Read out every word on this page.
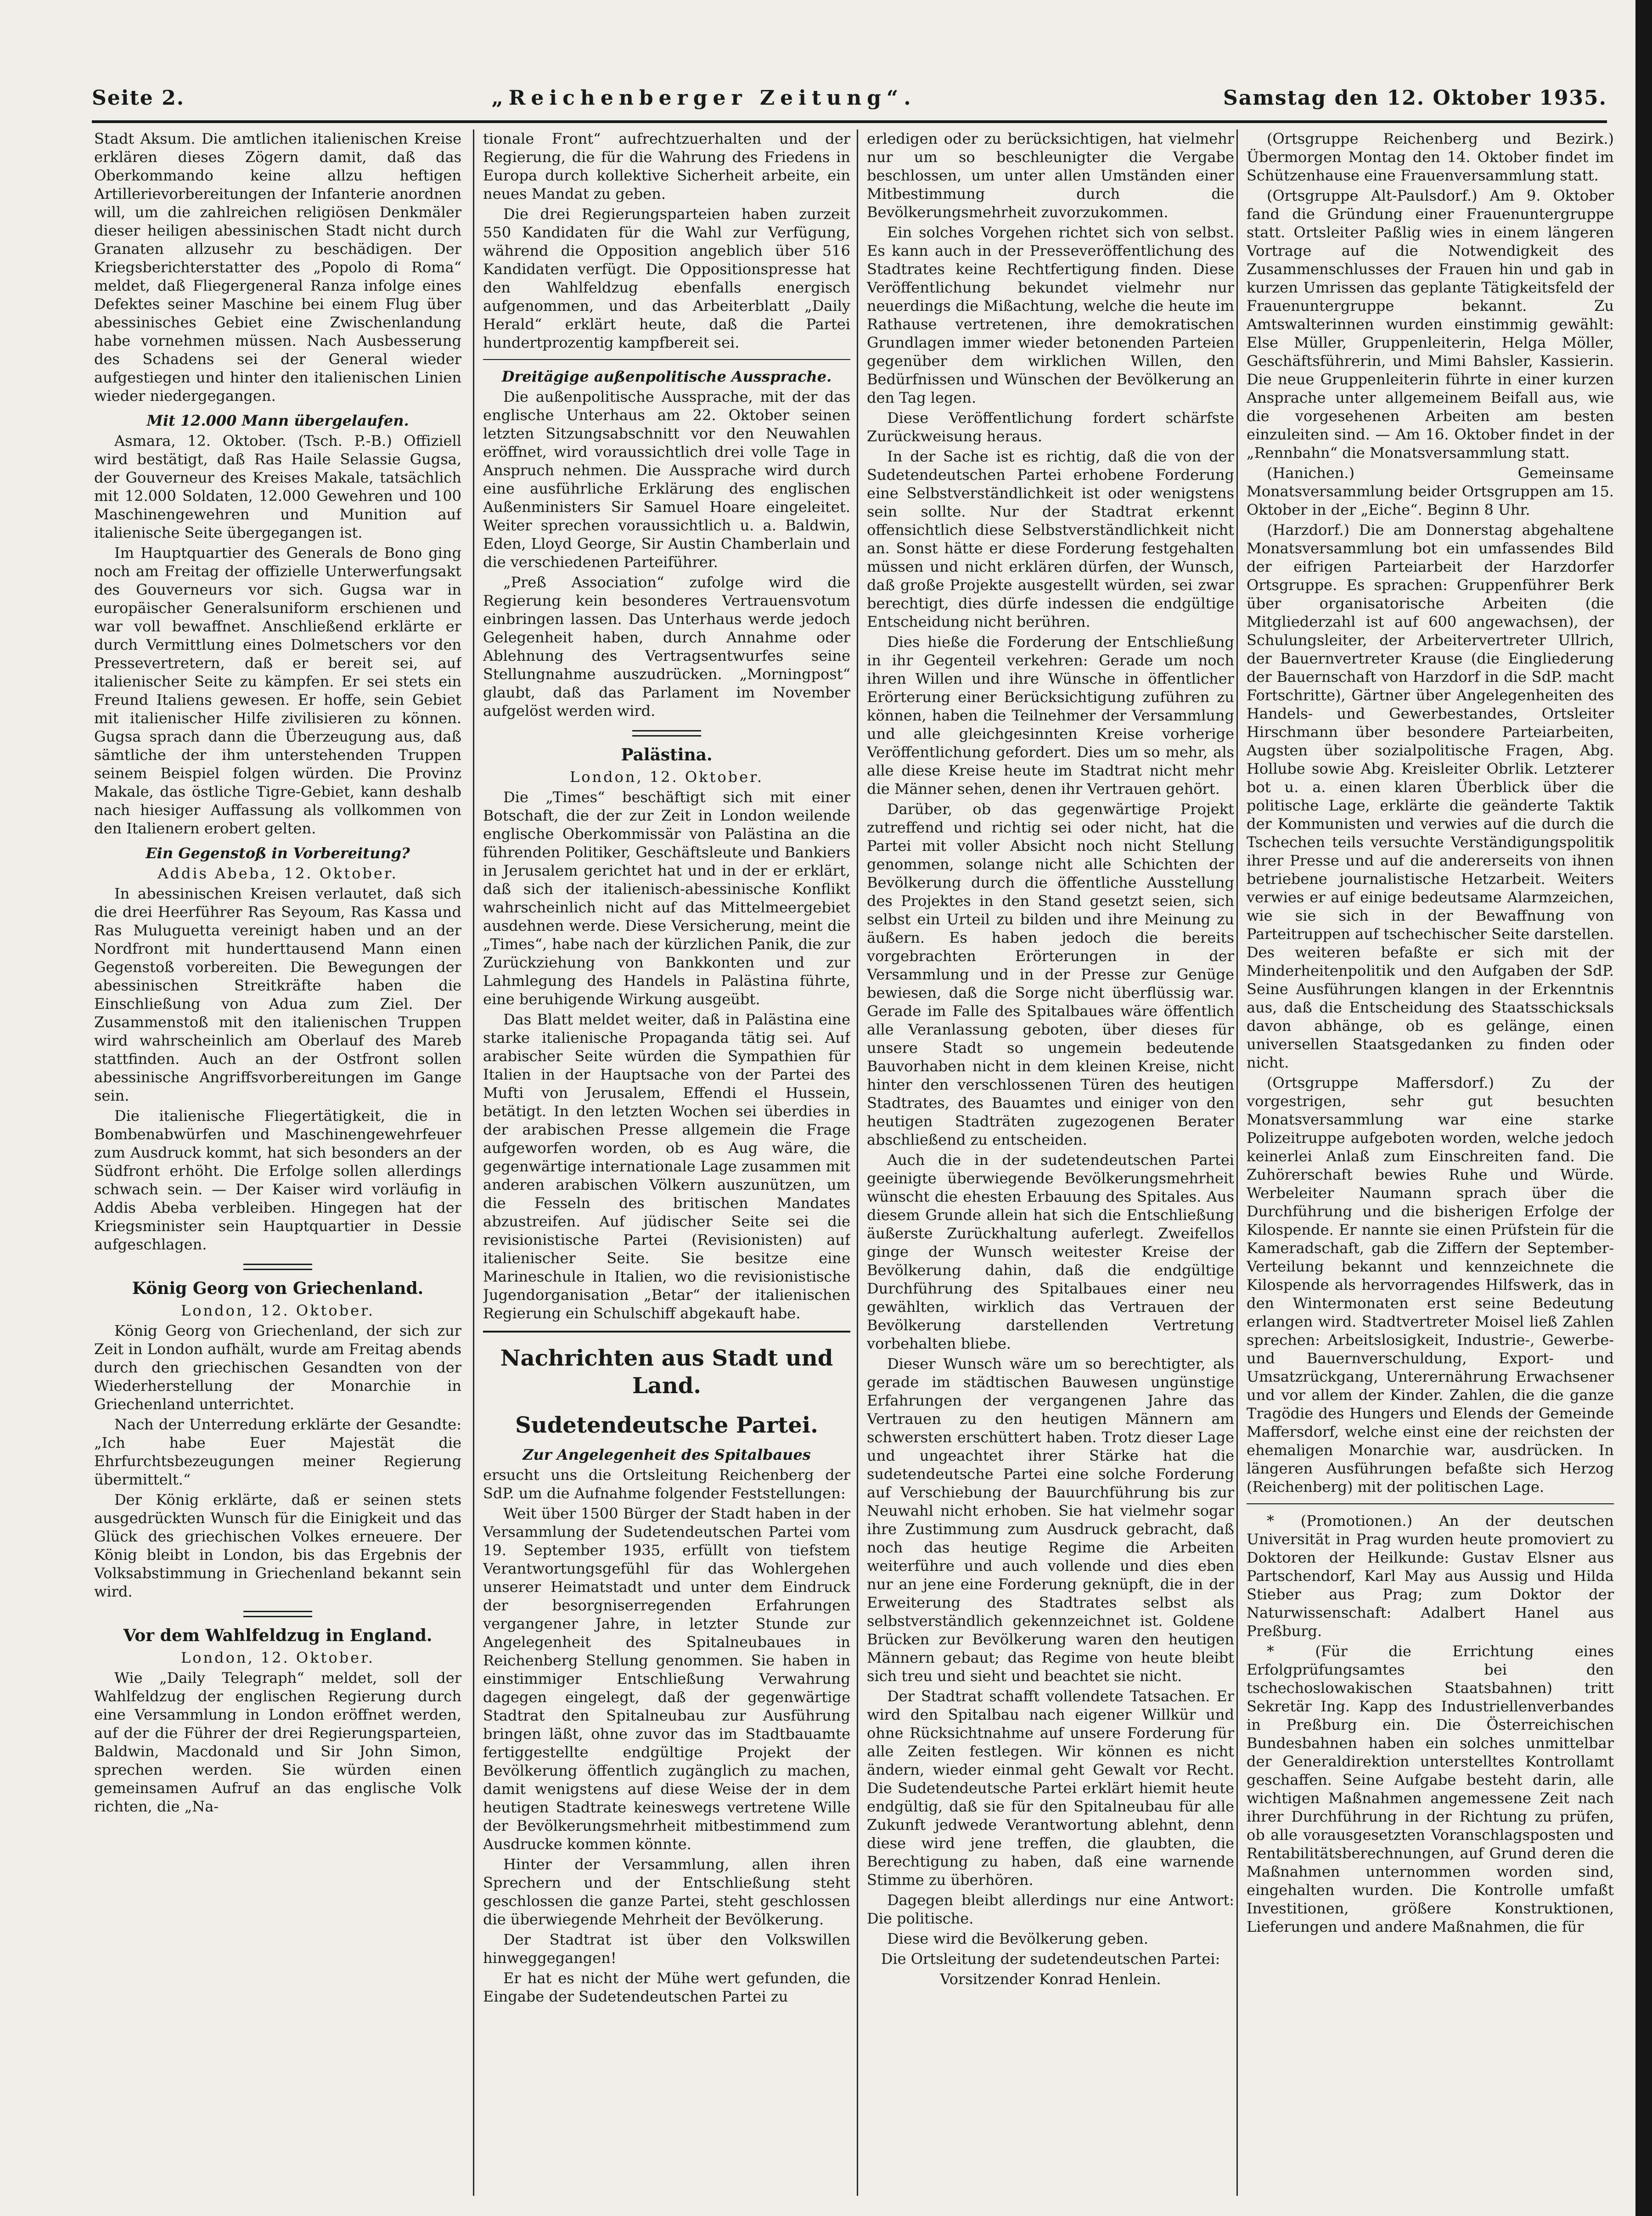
Seite 2.	„Reichenberger Zeitung“.	Samstag den 12. Oktober 1935.

Stadt Aksum. Die amtlichen italienischen Kreise erklären dieses Zögern damit, daß das Oberkommando keine allzu heftigen Artillerievorbereitungen der Infanterie anordnen will, um die zahlreichen religiösen Denkmäler dieser heiligen abessinischen Stadt nicht durch Granaten allzusehr zu beschädigen. Der Kriegsberichterstatter des „Popolo di Roma“ meldet, daß Fliegergeneral Ranza infolge eines Defektes seiner Maschine bei einem Flug über abessinisches Gebiet eine Zwischenlandung habe vornehmen müssen. Nach Ausbesserung des Schadens sei der General wieder aufgestiegen und hinter den italienischen Linien wieder niedergegangen.

Mit 12.000 Mann übergelaufen.

Asmara, 12. Oktober. (Tsch. P.-B.) Offiziell wird bestätigt, daß Ras Haile Selassie Gugsa, der Gouverneur des Kreises Makale, tatsächlich mit 12.000 Soldaten, 12.000 Gewehren und 100 Maschinengewehren und Munition auf italienische Seite übergegangen ist.

Im Hauptquartier des Generals de Bono ging noch am Freitag der offizielle Unterwerfungsakt des Gouverneurs vor sich. Gugsa war in europäischer Generalsuniform erschienen und war voll bewaffnet. Anschließend erklärte er durch Vermittlung eines Dolmetschers vor den Pressevertretern, daß er bereit sei, auf italienischer Seite zu kämpfen. Er sei stets ein Freund Italiens gewesen. Er hoffe, sein Gebiet mit italienischer Hilfe zivilisieren zu können. Gugsa sprach dann die Überzeugung aus, daß sämtliche der ihm unterstehenden Truppen seinem Beispiel folgen würden. Die Provinz Makale, das östliche Tigre-Gebiet, kann deshalb nach hiesiger Auffassung als vollkommen von den Italienern erobert gelten.

Ein Gegenstoß in Vorbereitung?
Addis Abeba, 12. Oktober.

In abessinischen Kreisen verlautet, daß sich die drei Heerführer Ras Seyoum, Ras Kassa und Ras Muluguetta vereinigt haben und an der Nordfront mit hunderttausend Mann einen Gegenstoß vorbereiten. Die Bewegungen der abessinischen Streitkräfte haben die Einschließung von Adua zum Ziel. Der Zusammenstoß mit den italienischen Truppen wird wahrscheinlich am Oberlauf des Mareb stattfinden. Auch an der Ostfront sollen abessinische Angriffsvorbereitungen im Gange sein.

Die italienische Fliegertätigkeit, die in Bombenabwürfen und Maschinengewehrfeuer zum Ausdruck kommt, hat sich besonders an der Südfront erhöht. Die Erfolge sollen allerdings schwach sein. — Der Kaiser wird vorläufig in Addis Abeba verbleiben. Hingegen hat der Kriegsminister sein Hauptquartier in Dessie aufgeschlagen.

König Georg von Griechenland.
London, 12. Oktober.

König Georg von Griechenland, der sich zur Zeit in London aufhält, wurde am Freitag abends durch den griechischen Gesandten von der Wiederherstellung der Monarchie in Griechenland unterrichtet.

Nach der Unterredung erklärte der Gesandte: „Ich habe Euer Majestät die Ehrfurchtsbezeugungen meiner Regierung übermittelt.“

Der König erklärte, daß er seinen stets ausgedrückten Wunsch für die Einigkeit und das Glück des griechischen Volkes erneuere. Der König bleibt in London, bis das Ergebnis der Volksabstimmung in Griechenland bekannt sein wird.

Vor dem Wahlfeldzug in England.
London, 12. Oktober.

Wie „Daily Telegraph“ meldet, soll der Wahlfeldzug der englischen Regierung durch eine Versammlung in London eröffnet werden, auf der die Führer der drei Regierungsparteien, Baldwin, Macdonald und Sir John Simon, sprechen werden. Sie würden einen gemeinsamen Aufruf an das englische Volk richten, die „Na-

tionale Front“ aufrechtzuerhalten und der Regierung, die für die Wahrung des Friedens in Europa durch kollektive Sicherheit arbeite, ein neues Mandat zu geben.

Die drei Regierungsparteien haben zurzeit 550 Kandidaten für die Wahl zur Verfügung, während die Opposition angeblich über 516 Kandidaten verfügt. Die Oppositionspresse hat den Wahlfeldzug ebenfalls energisch aufgenommen, und das Arbeiterblatt „Daily Herald“ erklärt heute, daß die Partei hundertprozentig kampfbereit sei.

Dreitägige außenpolitische Aussprache.

Die außenpolitische Aussprache, mit der das englische Unterhaus am 22. Oktober seinen letzten Sitzungsabschnitt vor den Neuwahlen eröffnet, wird voraussichtlich drei volle Tage in Anspruch nehmen. Die Aussprache wird durch eine ausführliche Erklärung des englischen Außenministers Sir Samuel Hoare eingeleitet. Weiter sprechen voraussichtlich u. a. Baldwin, Eden, Lloyd George, Sir Austin Chamberlain und die verschiedenen Parteiführer.

„Preß Association“ zufolge wird die Regierung kein besonderes Vertrauensvotum einbringen lassen. Das Unterhaus werde jedoch Gelegenheit haben, durch Annahme oder Ablehnung des Vertragsentwurfes seine Stellungnahme auszudrücken. „Morningpost“ glaubt, daß das Parlament im November aufgelöst werden wird.

Palästina.
London, 12. Oktober.

Die „Times“ beschäftigt sich mit einer Botschaft, die der zur Zeit in London weilende englische Oberkommissär von Palästina an die führenden Politiker, Geschäftsleute und Bankiers in Jerusalem gerichtet hat und in der er erklärt, daß sich der italienisch-abessinische Konflikt wahrscheinlich nicht auf das Mittelmeergebiet ausdehnen werde. Diese Versicherung, meint die „Times“, habe nach der kürzlichen Panik, die zur Zurückziehung von Bankkonten und zur Lahmlegung des Handels in Palästina führte, eine beruhigende Wirkung ausgeübt.

Das Blatt meldet weiter, daß in Palästina eine starke italienische Propaganda tätig sei. Auf arabischer Seite würden die Sympathien für Italien in der Hauptsache von der Partei des Mufti von Jerusalem, Effendi el Hussein, betätigt. In den letzten Wochen sei überdies in der arabischen Presse allgemein die Frage aufgeworfen worden, ob es Aug wäre, die gegenwärtige internationale Lage zusammen mit anderen arabischen Völkern auszunützen, um die Fesseln des britischen Mandates abzustreifen. Auf jüdischer Seite sei die revisionistische Partei (Revisionisten) auf italienischer Seite. Sie besitze eine Marineschule in Italien, wo die revisionistische Jugendorganisation „Betar“ der italienischen Regierung ein Schulschiff abgekauft habe.

Nachrichten aus Stadt und Land.
Sudetendeutsche Partei.
Zur Angelegenheit des Spitalbaues

ersucht uns die Ortsleitung Reichenberg der SdP. um die Aufnahme folgender Feststellungen:

Weit über 1500 Bürger der Stadt haben in der Versammlung der Sudetendeutschen Partei vom 19. September 1935, erfüllt von tiefstem Verantwortungsgefühl für das Wohlergehen unserer Heimatstadt und unter dem Eindruck der besorgniserregenden Erfahrungen vergangener Jahre, in letzter Stunde zur Angelegenheit des Spitalneubaues in Reichenberg Stellung genommen. Sie haben in einstimmiger Entschließung Verwahrung dagegen eingelegt, daß der gegenwärtige Stadtrat den Spitalneubau zur Ausführung bringen läßt, ohne zuvor das im Stadtbauamte fertiggestellte endgültige Projekt der Bevölkerung öffentlich zugänglich zu machen, damit wenigstens auf diese Weise der in dem heutigen Stadtrate keineswegs vertretene Wille der Bevölkerungsmehrheit mitbestimmend zum Ausdrucke kommen könnte.

Hinter der Versammlung, allen ihren Sprechern und der Entschließung steht geschlossen die ganze Partei, steht geschlossen die überwiegende Mehrheit der Bevölkerung.

Der Stadtrat ist über den Volkswillen hinweggegangen!

Er hat es nicht der Mühe wert gefunden, die Eingabe der Sudetendeutschen Partei zu

erledigen oder zu berücksichtigen, hat vielmehr nur um so beschleunigter die Vergabe beschlossen, um unter allen Umständen einer Mitbestimmung durch die Bevölkerungsmehrheit zuvorzukommen.

Ein solches Vorgehen richtet sich von selbst. Es kann auch in der Presseveröffentlichung des Stadtrates keine Rechtfertigung finden. Diese Veröffentlichung bekundet vielmehr nur neuerdings die Mißachtung, welche die heute im Rathause vertretenen, ihre demokratischen Grundlagen immer wieder betonenden Parteien gegenüber dem wirklichen Willen, den Bedürfnissen und Wünschen der Bevölkerung an den Tag legen.

Diese Veröffentlichung fordert schärfste Zurückweisung heraus.

In der Sache ist es richtig, daß die von der Sudetendeutschen Partei erhobene Forderung eine Selbstverständlichkeit ist oder wenigstens sein sollte. Nur der Stadtrat erkennt offensichtlich diese Selbstverständlichkeit nicht an. Sonst hätte er diese Forderung festgehalten müssen und nicht erklären dürfen, der Wunsch, daß große Projekte ausgestellt würden, sei zwar berechtigt, dies dürfe indessen die endgültige Entscheidung nicht berühren.

Dies hieße die Forderung der Entschließung in ihr Gegenteil verkehren: Gerade um noch ihren Willen und ihre Wünsche in öffentlicher Erörterung einer Berücksichtigung zuführen zu können, haben die Teilnehmer der Versammlung und alle gleichgesinnten Kreise vorherige Veröffentlichung gefordert. Dies um so mehr, als alle diese Kreise heute im Stadtrat nicht mehr die Männer sehen, denen ihr Vertrauen gehört.

Darüber, ob das gegenwärtige Projekt zutreffend und richtig sei oder nicht, hat die Partei mit voller Absicht noch nicht Stellung genommen, solange nicht alle Schichten der Bevölkerung durch die öffentliche Ausstellung des Projektes in den Stand gesetzt seien, sich selbst ein Urteil zu bilden und ihre Meinung zu äußern. Es haben jedoch die bereits vorgebrachten Erörterungen in der Versammlung und in der Presse zur Genüge bewiesen, daß die Sorge nicht überflüssig war. Gerade im Falle des Spitalbaues wäre öffentlich alle Veranlassung geboten, über dieses für unsere Stadt so ungemein bedeutende Bauvorhaben nicht in dem kleinen Kreise, nicht hinter den verschlossenen Türen des heutigen Stadtrates, des Bauamtes und einiger von den heutigen Stadträten zugezogenen Berater abschließend zu entscheiden.

Auch die in der sudetendeutschen Partei geeinigte überwiegende Bevölkerungsmehrheit wünscht die ehesten Erbauung des Spitales. Aus diesem Grunde allein hat sich die Entschließung äußerste Zurückhaltung auferlegt. Zweifellos ginge der Wunsch weitester Kreise der Bevölkerung dahin, daß die endgültige Durchführung des Spitalbaues einer neu gewählten, wirklich das Vertrauen der Bevölkerung darstellenden Vertretung vorbehalten bliebe.

Dieser Wunsch wäre um so berechtigter, als gerade im städtischen Bauwesen ungünstige Erfahrungen der vergangenen Jahre das Vertrauen zu den heutigen Männern am schwersten erschüttert haben. Trotz dieser Lage und ungeachtet ihrer Stärke hat die sudetendeutsche Partei eine solche Forderung auf Verschiebung der Bauurchführung bis zur Neuwahl nicht erhoben. Sie hat vielmehr sogar ihre Zustimmung zum Ausdruck gebracht, daß noch das heutige Regime die Arbeiten weiterführe und auch vollende und dies eben nur an jene eine Forderung geknüpft, die in der Erweiterung des Stadtrates selbst als selbstverständlich gekennzeichnet ist. Goldene Brücken zur Bevölkerung waren den heutigen Männern gebaut; das Regime von heute bleibt sich treu und sieht und beachtet sie nicht.

Der Stadtrat schafft vollendete Tatsachen. Er wird den Spitalbau nach eigener Willkür und ohne Rücksichtnahme auf unsere Forderung für alle Zeiten festlegen. Wir können es nicht ändern, wieder einmal geht Gewalt vor Recht. Die Sudetendeutsche Partei erklärt hiemit heute endgültig, daß sie für den Spitalneubau für alle Zukunft jedwede Verantwortung ablehnt, denn diese wird jene treffen, die glaubten, die Berechtigung zu haben, daß eine warnende Stimme zu überhören.

Dagegen bleibt allerdings nur eine Antwort: Die politische.

Diese wird die Bevölkerung geben.

Die Ortsleitung der sudetendeutschen Partei:

Vorsitzender Konrad Henlein.

(Ortsgruppe Reichenberg und Bezirk.) Übermorgen Montag den 14. Oktober findet im Schützenhause eine Frauenversammlung statt.

(Ortsgruppe Alt-Paulsdorf.) Am 9. Oktober fand die Gründung einer Frauenuntergruppe statt. Ortsleiter Paßlig wies in einem längeren Vortrage auf die Notwendigkeit des Zusammenschlusses der Frauen hin und gab in kurzen Umrissen das geplante Tätigkeitsfeld der Frauenuntergruppe bekannt. Zu Amtswalterinnen wurden einstimmig gewählt: Else Müller, Gruppenleiterin, Helga Möller, Geschäftsführerin, und Mimi Bahsler, Kassierin. Die neue Gruppenleiterin führte in einer kurzen Ansprache unter allgemeinem Beifall aus, wie die vorgesehenen Arbeiten am besten einzuleiten sind. — Am 16. Oktober findet in der „Rennbahn“ die Monatsversammlung statt.

(Hanichen.) Gemeinsame Monatsversammlung beider Ortsgruppen am 15. Oktober in der „Eiche“. Beginn 8 Uhr.

(Harzdorf.) Die am Donnerstag abgehaltene Monatsversammlung bot ein umfassendes Bild der eifrigen Parteiarbeit der Harzdorfer Ortsgruppe. Es sprachen: Gruppenführer Berk über organisatorische Arbeiten (die Mitgliederzahl ist auf 600 angewachsen), der Schulungsleiter, der Arbeitervertreter Ullrich, der Bauernvertreter Krause (die Eingliederung der Bauernschaft von Harzdorf in die SdP. macht Fortschritte), Gärtner über Angelegenheiten des Handels- und Gewerbestandes, Ortsleiter Hirschmann über besondere Parteiarbeiten, Augsten über sozialpolitische Fragen, Abg. Hollube sowie Abg. Kreisleiter Obrlik. Letzterer bot u. a. einen klaren Überblick über die politische Lage, erklärte die geänderte Taktik der Kommunisten und verwies auf die durch die Tschechen teils versuchte Verständigungspolitik ihrer Presse und auf die andererseits von ihnen betriebene journalistische Hetzarbeit. Weiters verwies er auf einige bedeutsame Alarmzeichen, wie sie sich in der Bewaffnung von Parteitruppen auf tschechischer Seite darstellen. Des weiteren befaßte er sich mit der Minderheitenpolitik und den Aufgaben der SdP. Seine Ausführungen klangen in der Erkenntnis aus, daß die Entscheidung des Staatsschicksals davon abhänge, ob es gelänge, einen universellen Staatsgedanken zu finden oder nicht.

(Ortsgruppe Maffersdorf.) Zu der vorgestrigen, sehr gut besuchten Monatsversammlung war eine starke Polizeitruppe aufgeboten worden, welche jedoch keinerlei Anlaß zum Einschreiten fand. Die Zuhörerschaft bewies Ruhe und Würde. Werbeleiter Naumann sprach über die Durchführung und die bisherigen Erfolge der Kilospende. Er nannte sie einen Prüfstein für die Kameradschaft, gab die Ziffern der September-Verteilung bekannt und kennzeichnete die Kilospende als hervorragendes Hilfswerk, das in den Wintermonaten erst seine Bedeutung erlangen wird. Stadtvertreter Moisel ließ Zahlen sprechen: Arbeitslosigkeit, Industrie-, Gewerbe- und Bauernverschuldung, Export- und Umsatzrückgang, Unterernährung Erwachsener und vor allem der Kinder. Zahlen, die die ganze Tragödie des Hungers und Elends der Gemeinde Maffersdorf, welche einst eine der reichsten der ehemaligen Monarchie war, ausdrücken. In längeren Ausführungen befaßte sich Herzog (Reichenberg) mit der politischen Lage.

* (Promotionen.) An der deutschen Universität in Prag wurden heute promoviert zu Doktoren der Heilkunde: Gustav Elsner aus Partschendorf, Karl May aus Aussig und Hilda Stieber aus Prag; zum Doktor der Naturwissenschaft: Adalbert Hanel aus Preßburg.

* (Für die Errichtung eines Erfolgprüfungsamtes bei den tschechoslowakischen Staatsbahnen) tritt Sekretär Ing. Kapp des Industriellenverbandes in Preßburg ein. Die Österreichischen Bundesbahnen haben ein solches unmittelbar der Generaldirektion unterstelltes Kontrollamt geschaffen. Seine Aufgabe besteht darin, alle wichtigen Maßnahmen angemessene Zeit nach ihrer Durchführung in der Richtung zu prüfen, ob alle vorausgesetzten Voranschlagsposten und Rentabilitätsberechnungen, auf Grund deren die Maßnahmen unternommen worden sind, eingehalten wurden. Die Kontrolle umfaßt Investitionen, größere Konstruktionen, Lieferungen und andere Maßnahmen, die für
